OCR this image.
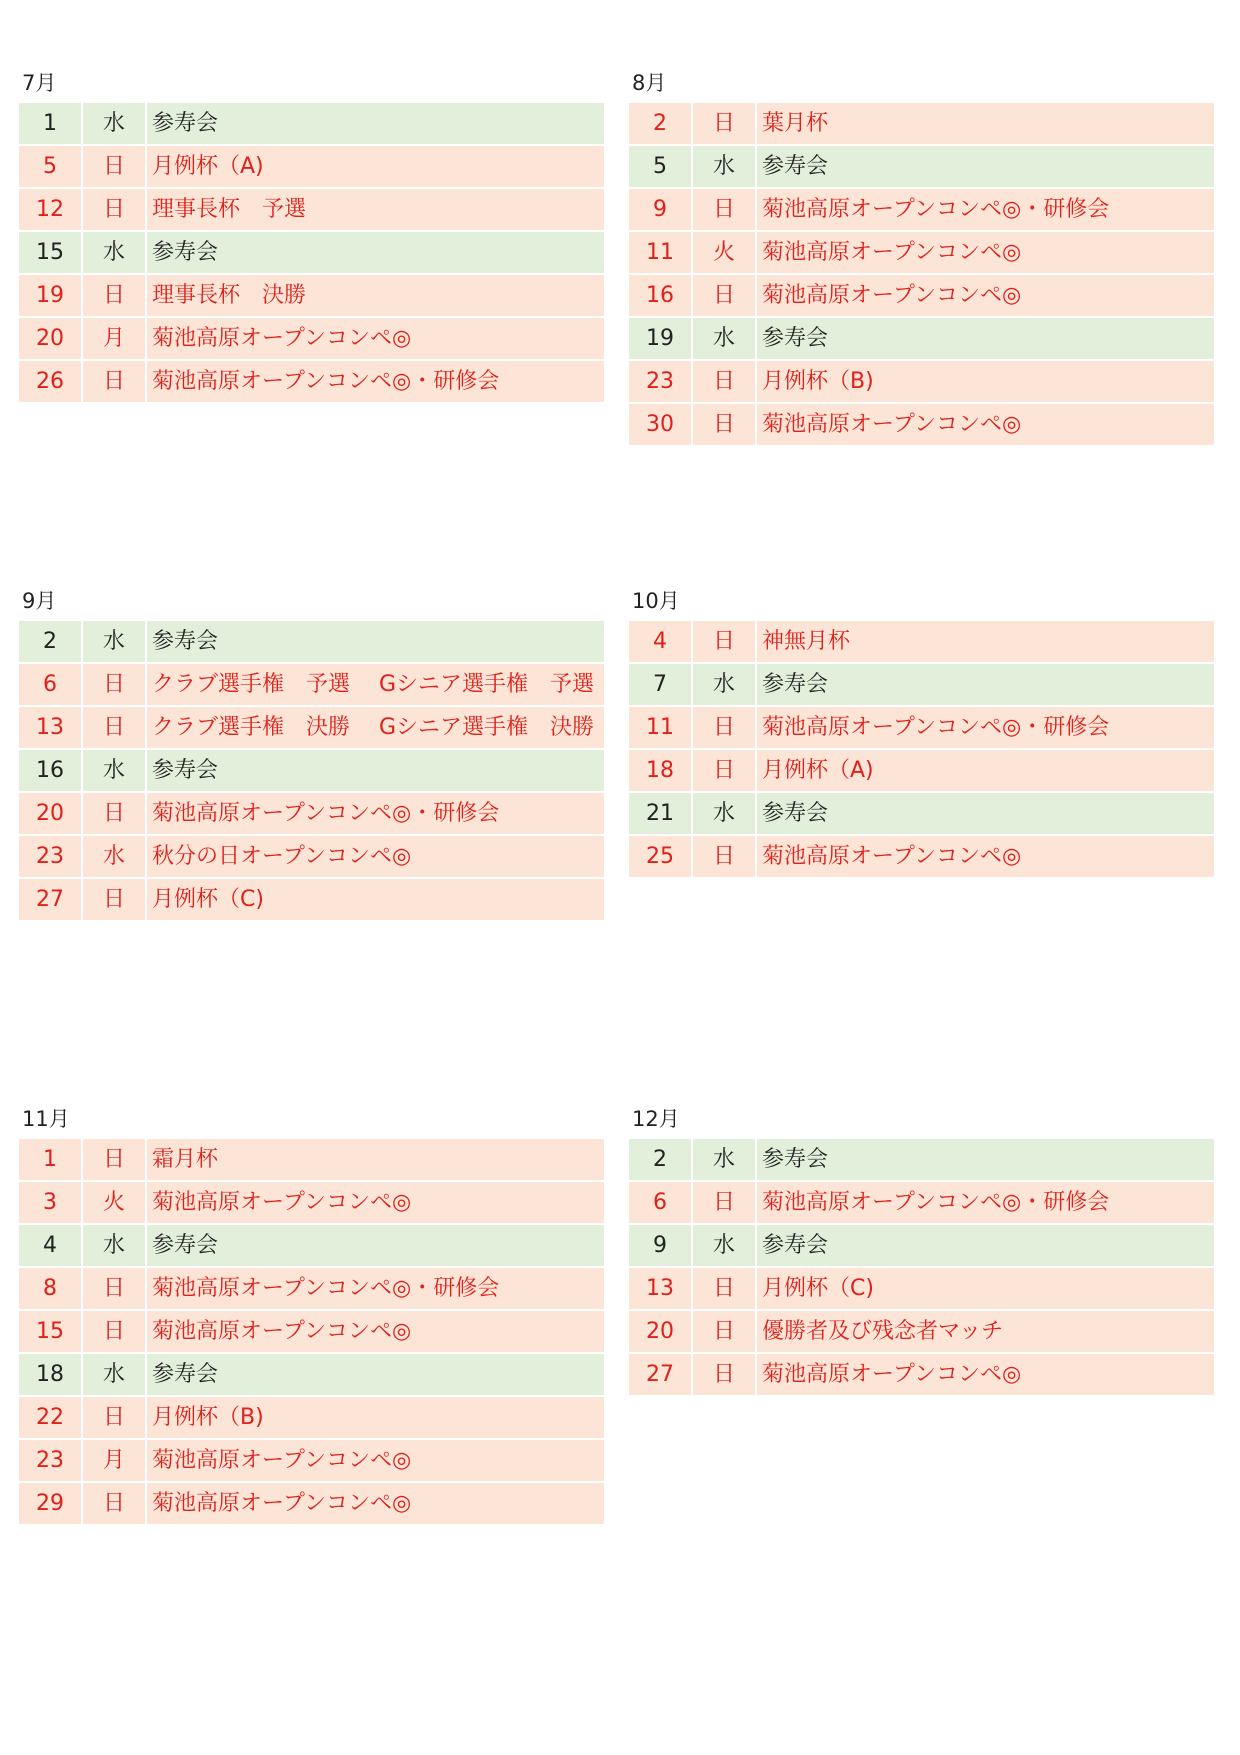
7月
1	水	参寿会
5	日	月例杯（A)
12	日	理事長杯　予選
15	水	参寿会
19	日	理事長杯　決勝
20	月	菊池高原オープンコンペ◎
26	日	菊池高原オープンコンペ◎・研修会
8月
2	日	葉月杯
5	水	参寿会
9	日	菊池高原オープンコンペ◎・研修会
11	火	菊池高原オープンコンペ◎
16	日	菊池高原オープンコンペ◎
19	水	参寿会
23	日	月例杯（B)
30	日	菊池高原オープンコンペ◎
9月
2	水	参寿会
6	日	クラブ選手権　予選　 Gシニア選手権　予選
13	日	クラブ選手権　決勝　 Gシニア選手権　決勝
16	水	参寿会
20	日	菊池高原オープンコンペ◎・研修会
23	水	秋分の日オープンコンペ◎
27	日	月例杯（C)
10月
4	日	神無月杯
7	水	参寿会
11	日	菊池高原オープンコンペ◎・研修会
18	日	月例杯（A)
21	水	参寿会
25	日	菊池高原オープンコンペ◎
11月
1	日	霜月杯
3	火	菊池高原オープンコンペ◎
4	水	参寿会
8	日	菊池高原オープンコンペ◎・研修会
15	日	菊池高原オープンコンペ◎
18	水	参寿会
22	日	月例杯（B)
23	月	菊池高原オープンコンペ◎
29	日	菊池高原オープンコンペ◎
12月
2	水	参寿会
6	日	菊池高原オープンコンペ◎・研修会
9	水	参寿会
13	日	月例杯（C)
20	日	優勝者及び残念者マッチ
27	日	菊池高原オープンコンペ◎
